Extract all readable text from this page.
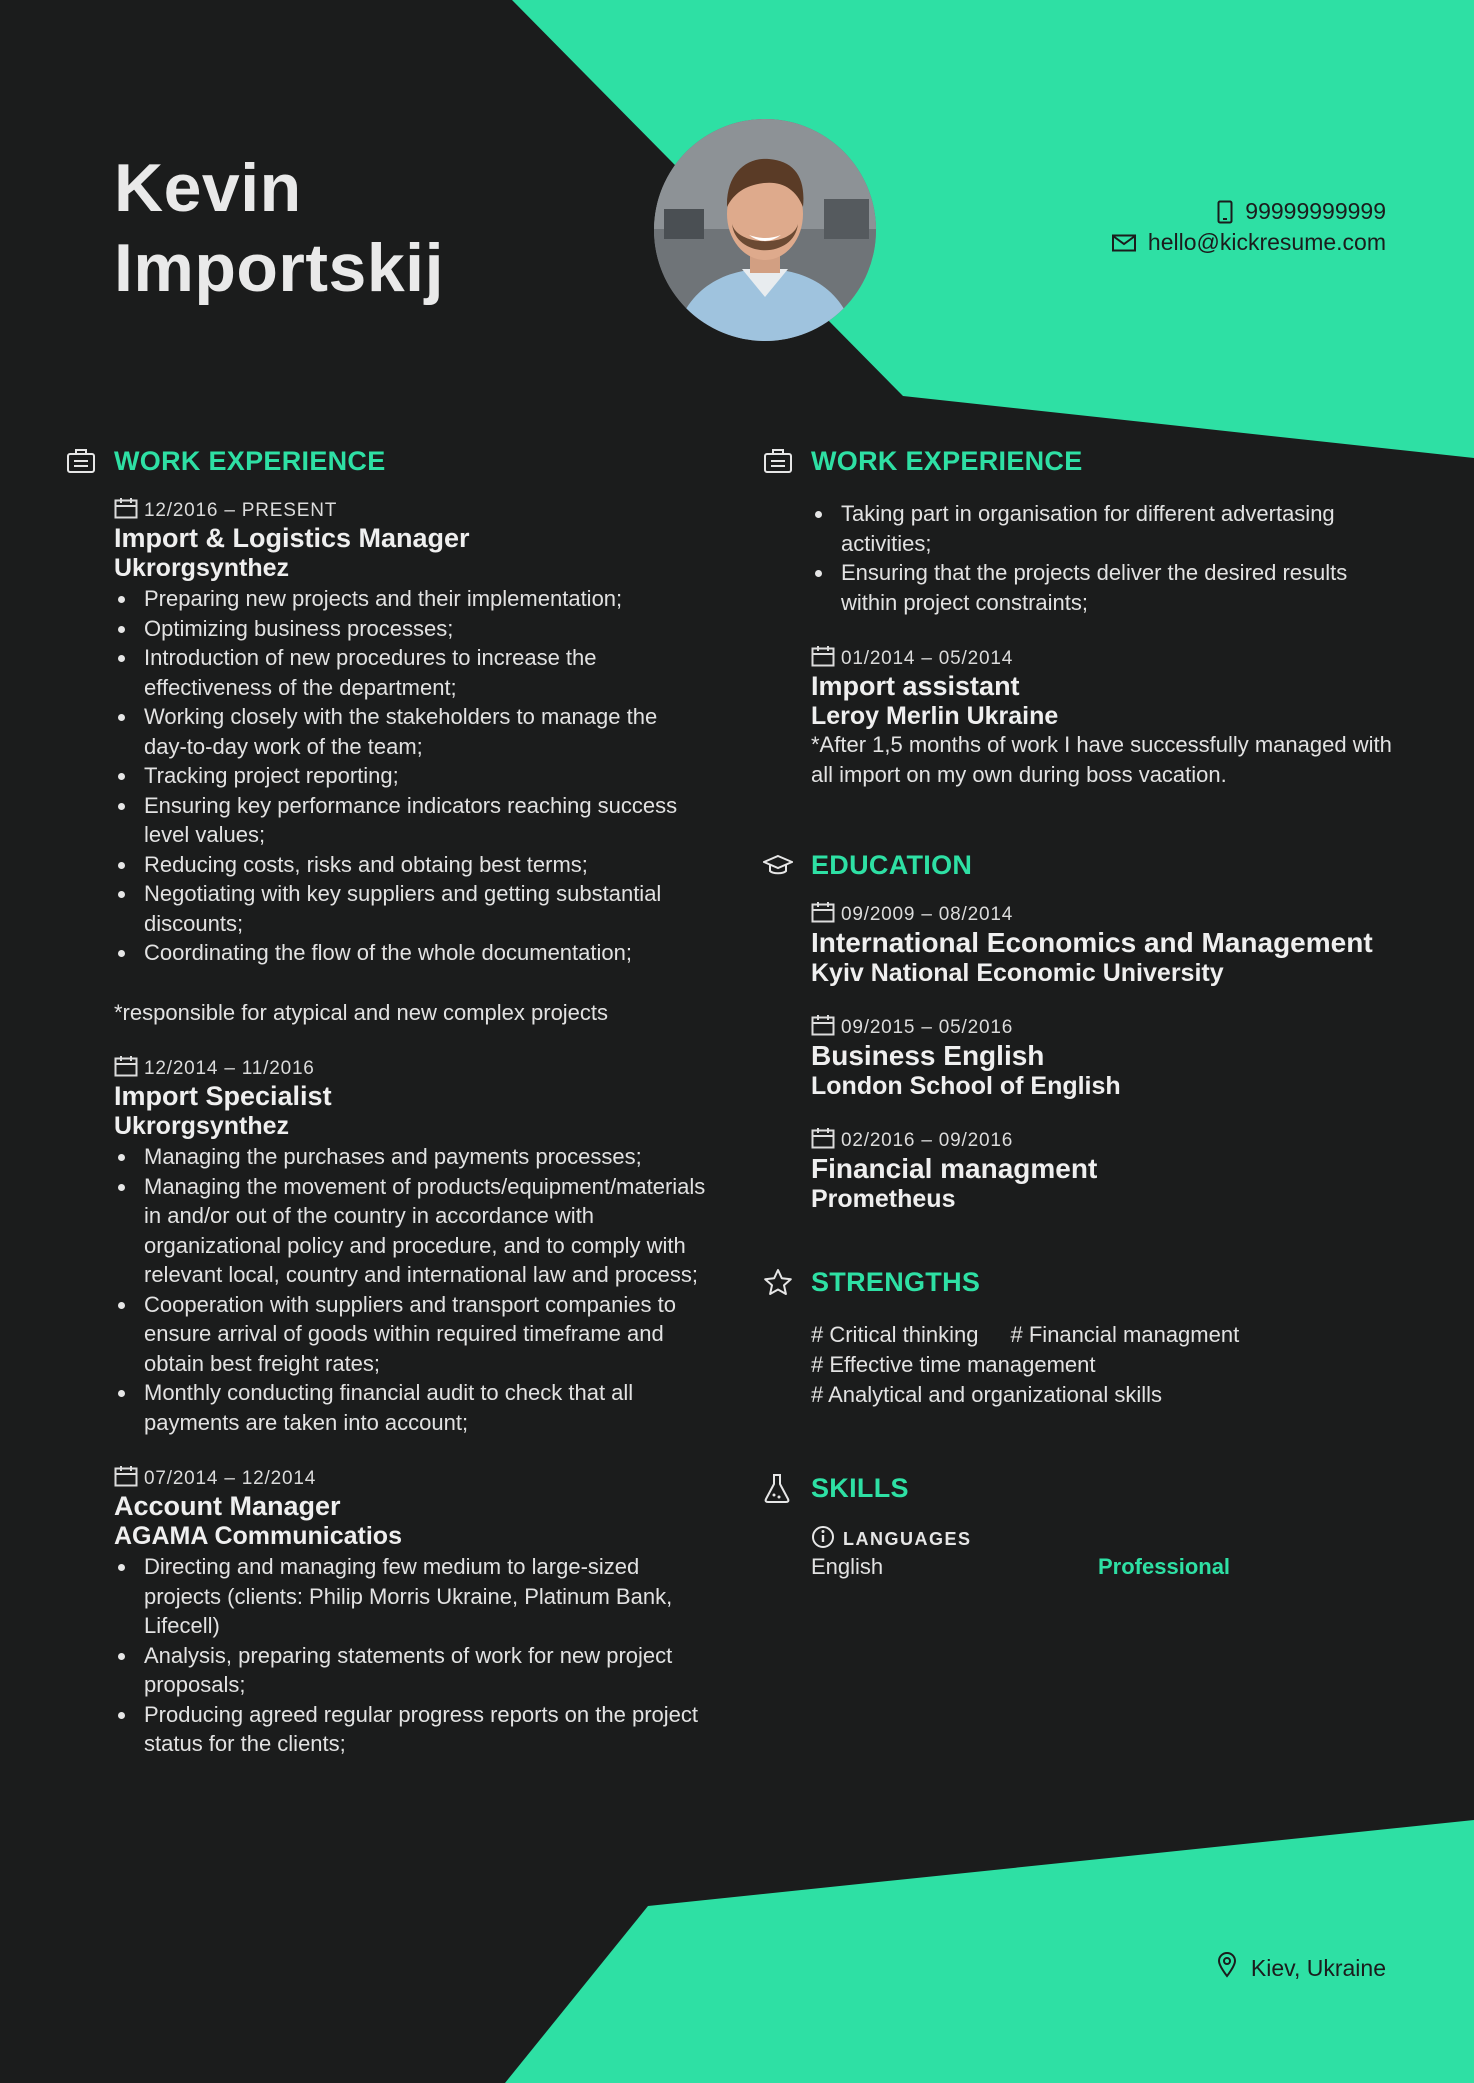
Kevin
Importskij
99999999999
hello@kickresume.com
WORK EXPERIENCE
12/2016 – PRESENT
Import & Logistics Manager
Ukrorgsynthez
Preparing new projects and their implementation;
Optimizing business processes;
Introduction of new procedures to increase the effectiveness of the department;
Working closely with the stakeholders to manage the day-to-day work of the team;
Tracking project reporting;
Ensuring key performance indicators reaching success level values;
Reducing costs, risks and obtaing best terms;
Negotiating with key suppliers and getting substantial discounts;
Coordinating the flow of the whole documentation;
*responsible for atypical and new complex projects
12/2014 – 11/2016
Import Specialist
Ukrorgsynthez
Managing the purchases and payments processes;
Managing the movement of products/equipment/materials in and/or out of the country in accordance with organizational policy and procedure, and to comply with relevant local, country and international law and process;
Cooperation with suppliers and transport companies to ensure arrival of goods within required timeframe and obtain best freight rates;
Monthly conducting financial audit to check that all payments are taken into account;
07/2014 – 12/2014
Account Manager
AGAMA Communicatios
Directing and managing few medium to large-sized projects (clients: Philip Morris Ukraine, Platinum Bank, Lifecell)
Analysis, preparing statements of work for new project proposals;
Producing agreed regular progress reports on the project status for the clients;
WORK EXPERIENCE
Taking part in organisation for different advertasing activities;
Ensuring that the projects deliver the desired results within project constraints;
01/2014 – 05/2014
Import assistant
Leroy Merlin Ukraine
*After 1,5 months of work I have successfully managed with all import on my own during boss vacation.
EDUCATION
09/2009 – 08/2014
International Economics and Management
Kyiv National Economic University
09/2015 – 05/2016
Business English
London School of English
02/2016 – 09/2016
Financial managment
Prometheus
STRENGTHS
# Critical thinking # Financial managment
# Effective time management
# Analytical and organizational skills
SKILLS
LANGUAGES
English	Professional
Kiev, Ukraine
